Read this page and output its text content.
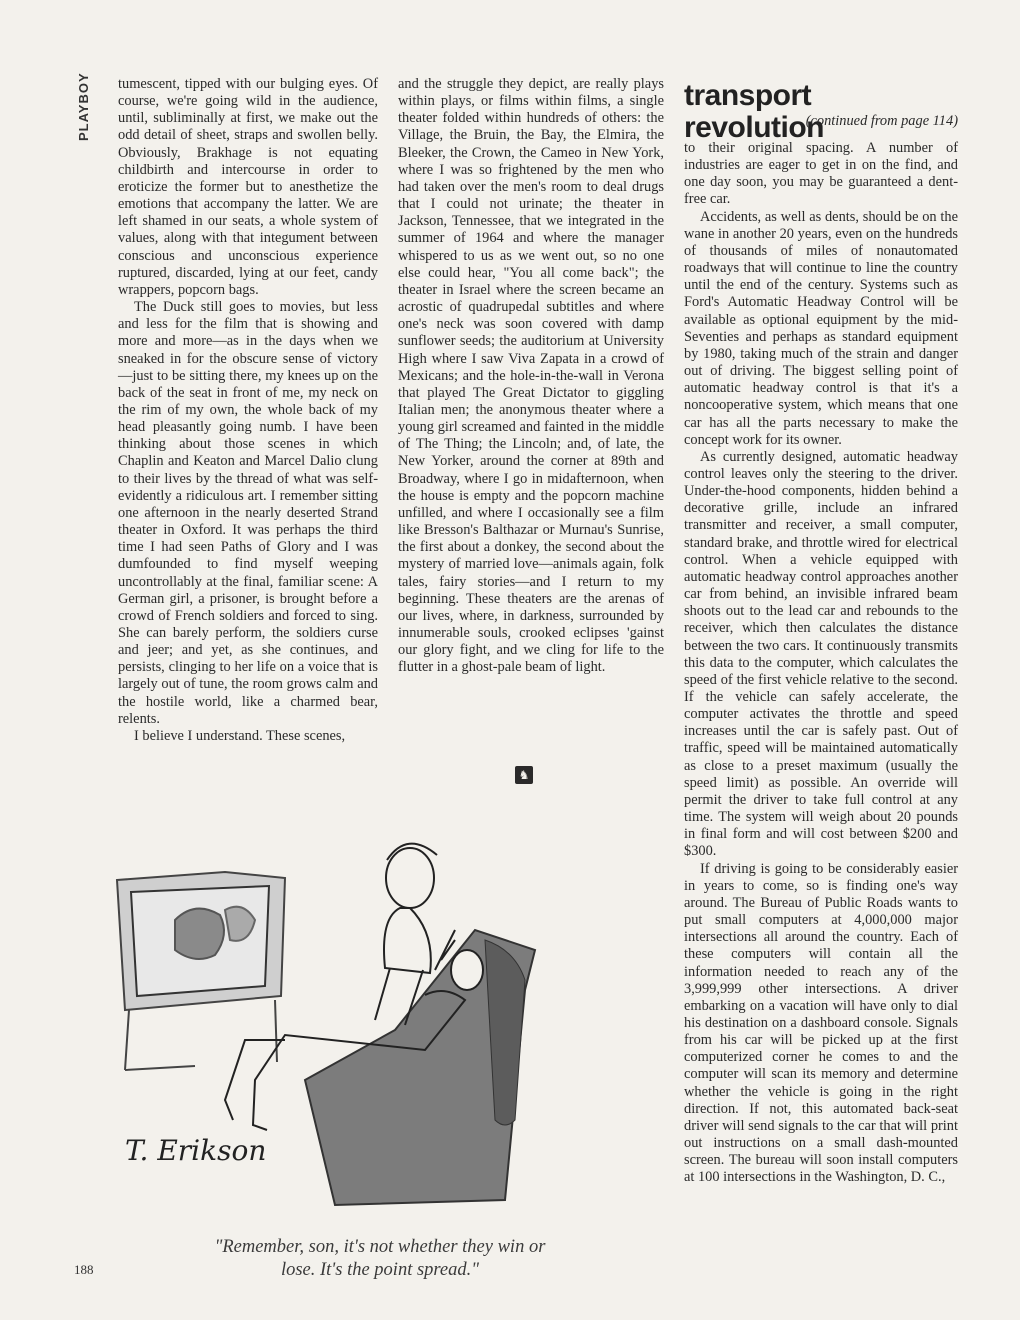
PLAYBOY	tumescent, tipped with our bulging eyes. Of course, we're going wild in the audience, until, subliminally at first, we make out the odd detail of sheet, straps and swollen belly. Obviously, Brakhage is not equating childbirth and intercourse in order to eroticize the former but to anesthetize the emotions that accompany the latter. We are left shamed in our seats, a whole system of values, along with that integument between conscious and unconscious experience ruptured, discarded, lying at our feet, candy wrappers, popcorn bags.

The Duck still goes to movies, but less and less for the film that is showing and more and more—as in the days when we sneaked in for the obscure sense of victory—just to be sitting there, my knees up on the back of the seat in front of me, my neck on the rim of my own, the whole back of my head pleasantly going numb. I have been thinking about those scenes in which Chaplin and Keaton and Marcel Dalio clung to their lives by the thread of what was self-evidently a ridiculous art. I remember sitting one afternoon in the nearly deserted Strand theater in Oxford. It was perhaps the third time I had seen Paths of Glory and I was dumfounded to find myself weeping uncontrollably at the final, familiar scene: A German girl, a prisoner, is brought before a crowd of French soldiers and forced to sing. She can barely perform, the soldiers curse and jeer; and yet, as she continues, and persists, clinging to her life on a voice that is largely out of tune, the room grows calm and the hostile world, like a charmed bear, relents.

I believe I understand. These scenes,

and the struggle they depict, are really plays within plays, or films within films, a single theater folded within hundreds of others: the Village, the Bruin, the Bay, the Elmira, the Bleeker, the Crown, the Cameo in New York, where I was so frightened by the men who had taken over the men's room to deal drugs that I could not urinate; the theater in Jackson, Tennessee, that we integrated in the summer of 1964 and where the manager whispered to us as we went out, so no one else could hear, "You all come back"; the theater in Israel where the screen became an acrostic of quadrupedal subtitles and where one's neck was soon covered with damp sunflower seeds; the auditorium at University High where I saw Viva Zapata in a crowd of Mexicans; and the hole-in-the-wall in Verona that played The Great Dictator to giggling Italian men; the anonymous theater where a young girl screamed and fainted in the middle of The Thing; the Lincoln; and, of late, the New Yorker, around the corner at 89th and Broadway, where I go in midafternoon, when the house is empty and the popcorn machine unfilled, and where I occasionally see a film like Bresson's Balthazar or Murnau's Sunrise, the first about a donkey, the second about the mystery of married love—animals again, folk tales, fairy stories—and I return to my beginning. These theaters are the arenas of our lives, where, in darkness, surrounded by innumerable souls, crooked eclipses 'gainst our glory fight, and we cling for life to the flutter in a ghost-pale beam of light.

♞
transport revolution
(continued from page 114)

to their original spacing. A number of industries are eager to get in on the find, and one day soon, you may be guaranteed a dent-free car.

Accidents, as well as dents, should be on the wane in another 20 years, even on the hundreds of thousands of miles of nonautomated roadways that will continue to line the country until the end of the century. Systems such as Ford's Automatic Headway Control will be available as optional equipment by the mid-Seventies and perhaps as standard equipment by 1980, taking much of the strain and danger out of driving. The biggest selling point of automatic headway control is that it's a noncooperative system, which means that one car has all the parts necessary to make the concept work for its owner.

As currently designed, automatic headway control leaves only the steering to the driver. Under-the-hood components, hidden behind a decorative grille, include an infrared transmitter and receiver, a small computer, standard brake, and throttle wired for electrical control. When a vehicle equipped with automatic headway control approaches another car from behind, an invisible infrared beam shoots out to the lead car and rebounds to the receiver, which then calculates the distance between the two cars. It continuously transmits this data to the computer, which calculates the speed of the first vehicle relative to the second. If the vehicle can safely accelerate, the computer activates the throttle and speed increases until the car is safely past. Out of traffic, speed will be maintained automatically as close to a preset maximum (usually the speed limit) as possible. An override will permit the driver to take full control at any time. The system will weigh about 20 pounds in final form and will cost between $200 and $300.

If driving is going to be considerably easier in years to come, so is finding one's way around. The Bureau of Public Roads wants to put small computers at 4,000,000 major intersections all around the country. Each of these computers will contain all the information needed to reach any of the 3,999,999 other intersections. A driver embarking on a vacation will have only to dial his destination on a dashboard console. Signals from his car will be picked up at the first computerized corner he comes to and the computer will scan its memory and determine whether the vehicle is going in the right direction. If not, this automated back-seat driver will send signals to the car that will print out instructions on a small dash-mounted screen. The bureau will soon install computers at 100 intersections in the Washington, D. C.,

T. Erikson
"Remember, son, it's not whether they win or
lose. It's the point spread."
188
